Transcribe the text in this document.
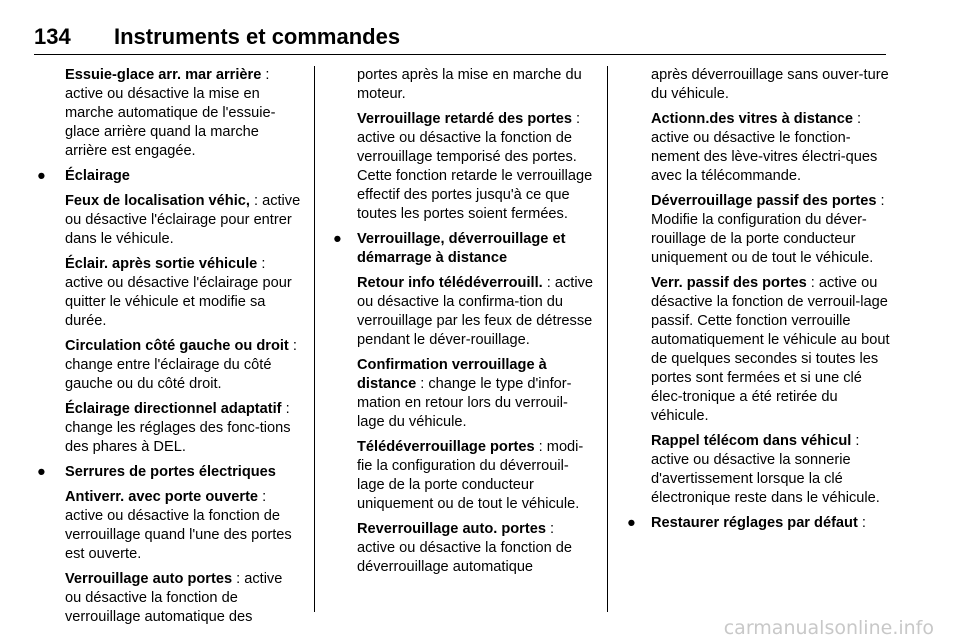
134 Instruments et commandes
Essuie-glace arr. mar arrière : active ou désactive la mise en marche automatique de l'essuie-glace arrière quand la marche arrière est engagée.
● Éclairage
Feux de localisation véhic, : active ou désactive l'éclairage pour entrer dans le véhicule.
Éclair. après sortie véhicule : active ou désactive l'éclairage pour quitter le véhicule et modifie sa durée.
Circulation côté gauche ou droit : change entre l'éclairage du côté gauche ou du côté droit.
Éclairage directionnel adaptatif : change les réglages des fonc-tions des phares à DEL.
● Serrures de portes électriques
Antiverr. avec porte ouverte : active ou désactive la fonction de verrouillage quand l'une des portes est ouverte.
Verrouillage auto portes : active ou désactive la fonction de verrouillage automatique des
portes après la mise en marche du moteur.
Verrouillage retardé des portes : active ou désactive la fonction de verrouillage temporisé des portes. Cette fonction retarde le verrouillage effectif des portes jusqu'à ce que toutes les portes soient fermées.
● Verrouillage, déverrouillage et démarrage à distance
Retour info télédéverrouill. : active ou désactive la confirma-tion du verrouillage par les feux de détresse pendant le déver-rouillage.
Confirmation verrouillage à distance : change le type d'infor-mation en retour lors du verrouil-lage du véhicule.
Télédéverrouillage portes : modi-fie la configuration du déverrouil-lage de la porte conducteur uniquement ou de tout le véhicule.
Reverrouillage auto. portes : active ou désactive la fonction de déverrouillage automatique
après déverrouillage sans ouver-ture du véhicule.
Actionn.des vitres à distance : active ou désactive le fonction-nement des lève-vitres électri-ques avec la télécommande.
Déverrouillage passif des portes : Modifie la configuration du déver-rouillage de la porte conducteur uniquement ou de tout le véhicule.
Verr. passif des portes : active ou désactive la fonction de verrouil-lage passif. Cette fonction verrouille automatiquement le véhicule au bout de quelques secondes si toutes les portes sont fermées et si une clé élec-tronique a été retirée du véhicule.
Rappel télécom dans véhicul : active ou désactive la sonnerie d'avertissement lorsque la clé électronique reste dans le véhicule.
● Restaurer réglages par défaut :
carmanualsonline.info
